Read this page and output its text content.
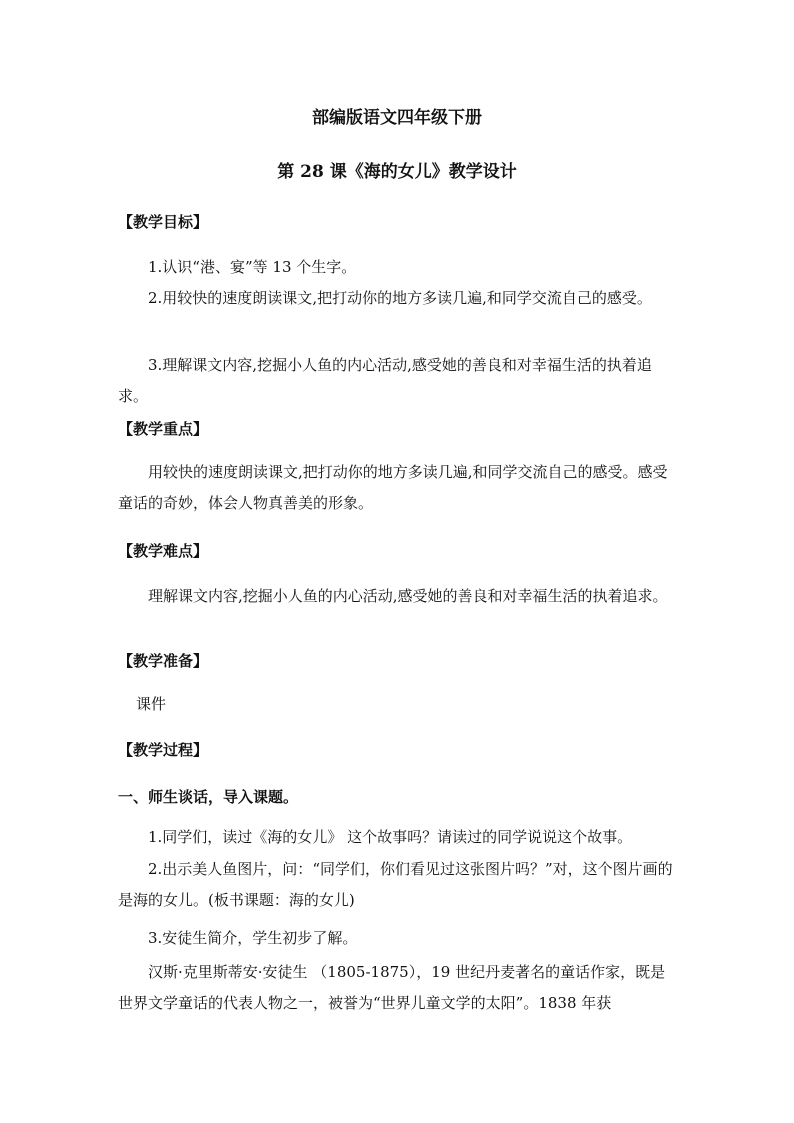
部编版语文四年级下册
第 28 课《海的女儿》教学设计
【教学目标】
1.认识“港、宴”等 13 个生字。
2.用较快的速度朗读课文,把打动你的地方多读几遍,和同学交流自己的感受。
3.理解课文内容,挖掘小人鱼的内心活动,感受她的善良和对幸福生活的执着追求。
【教学重点】
用较快的速度朗读课文,把打动你的地方多读几遍,和同学交流自己的感受。感受童话的奇妙，体会人物真善美的形象。
【教学难点】
理解课文内容,挖掘小人鱼的内心活动,感受她的善良和对幸福生活的执着追求。
【教学准备】
课件
【教学过程】
一、师生谈话，导入课题。
1.同学们，读过《海的女儿》 这个故事吗？请读过的同学说说这个故事。
2.出示美人鱼图片，问：“同学们，你们看见过这张图片吗？”对，这个图片画的是海的女儿。(板书课题：海的女儿)
3.安徒生简介，学生初步了解。
汉斯·克里斯蒂安·安徒生 （1805-1875），19 世纪丹麦著名的童话作家，既是世界文学童话的代表人物之一，被誉为“世界儿童文学的太阳”。1838 年获
